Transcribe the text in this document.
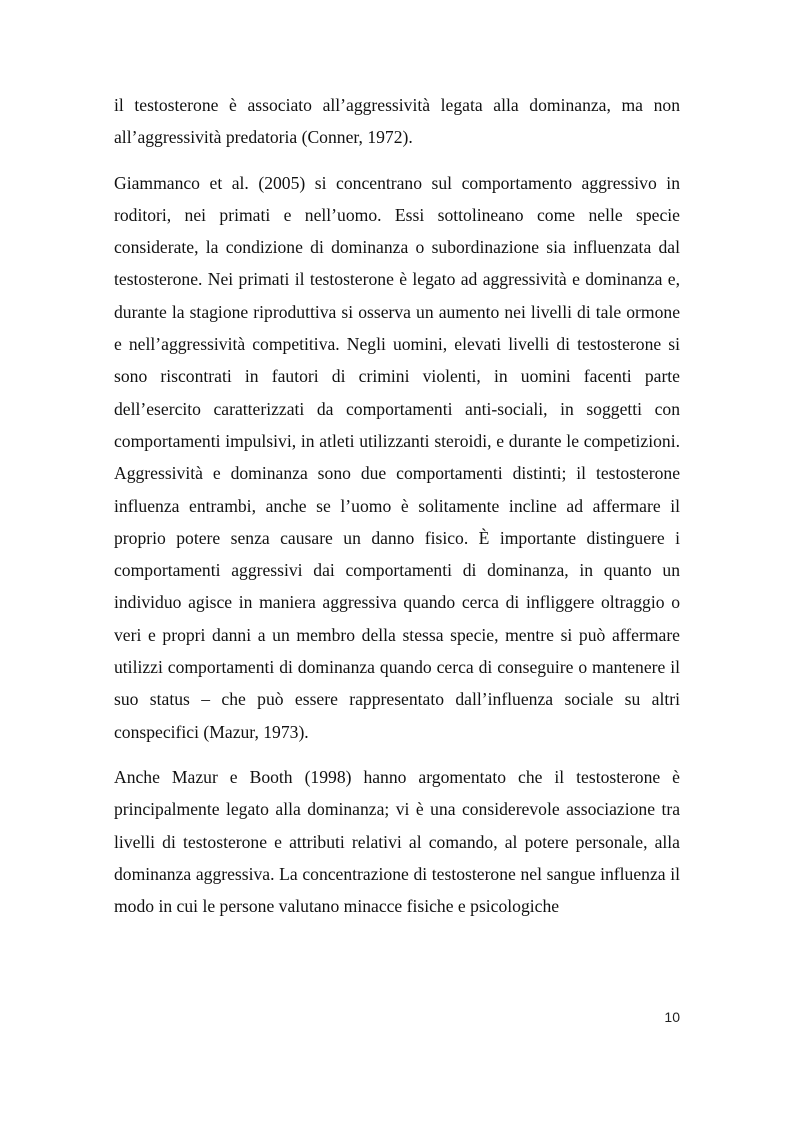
il testosterone è associato all’aggressività legata alla dominanza, ma non all’aggressività predatoria (Conner, 1972).

Giammanco et al. (2005) si concentrano sul comportamento aggressivo in roditori, nei primati e nell’uomo. Essi sottolineano come nelle specie considerate, la condizione di dominanza o subordinazione sia influenzata dal testosterone. Nei primati il testosterone è legato ad aggressività e dominanza e, durante la stagione riproduttiva si osserva un aumento nei livelli di tale ormone e nell’aggressività competitiva. Negli uomini, elevati livelli di testosterone si sono riscontrati in fautori di crimini violenti, in uomini facenti parte dell’esercito caratterizzati da comportamenti anti-sociali, in soggetti con comportamenti impulsivi, in atleti utilizzanti steroidi, e durante le competizioni. Aggressività e dominanza sono due comportamenti distinti; il testosterone influenza entrambi, anche se l’uomo è solitamente incline ad affermare il proprio potere senza causare un danno fisico. È importante distinguere i comportamenti aggressivi dai comportamenti di dominanza, in quanto un individuo agisce in maniera aggressiva quando cerca di infliggere oltraggio o veri e propri danni a un membro della stessa specie, mentre si può affermare utilizzi comportamenti di dominanza quando cerca di conseguire o mantenere il suo status – che può essere rappresentato dall’influenza sociale su altri conspecifici (Mazur, 1973).

Anche Mazur e Booth (1998) hanno argomentato che il testosterone è principalmente legato alla dominanza; vi è una considerevole associazione tra livelli di testosterone e attributi relativi al comando, al potere personale, alla dominanza aggressiva. La concentrazione di testosterone nel sangue influenza il modo in cui le persone valutano minacce fisiche e psicologiche

10
